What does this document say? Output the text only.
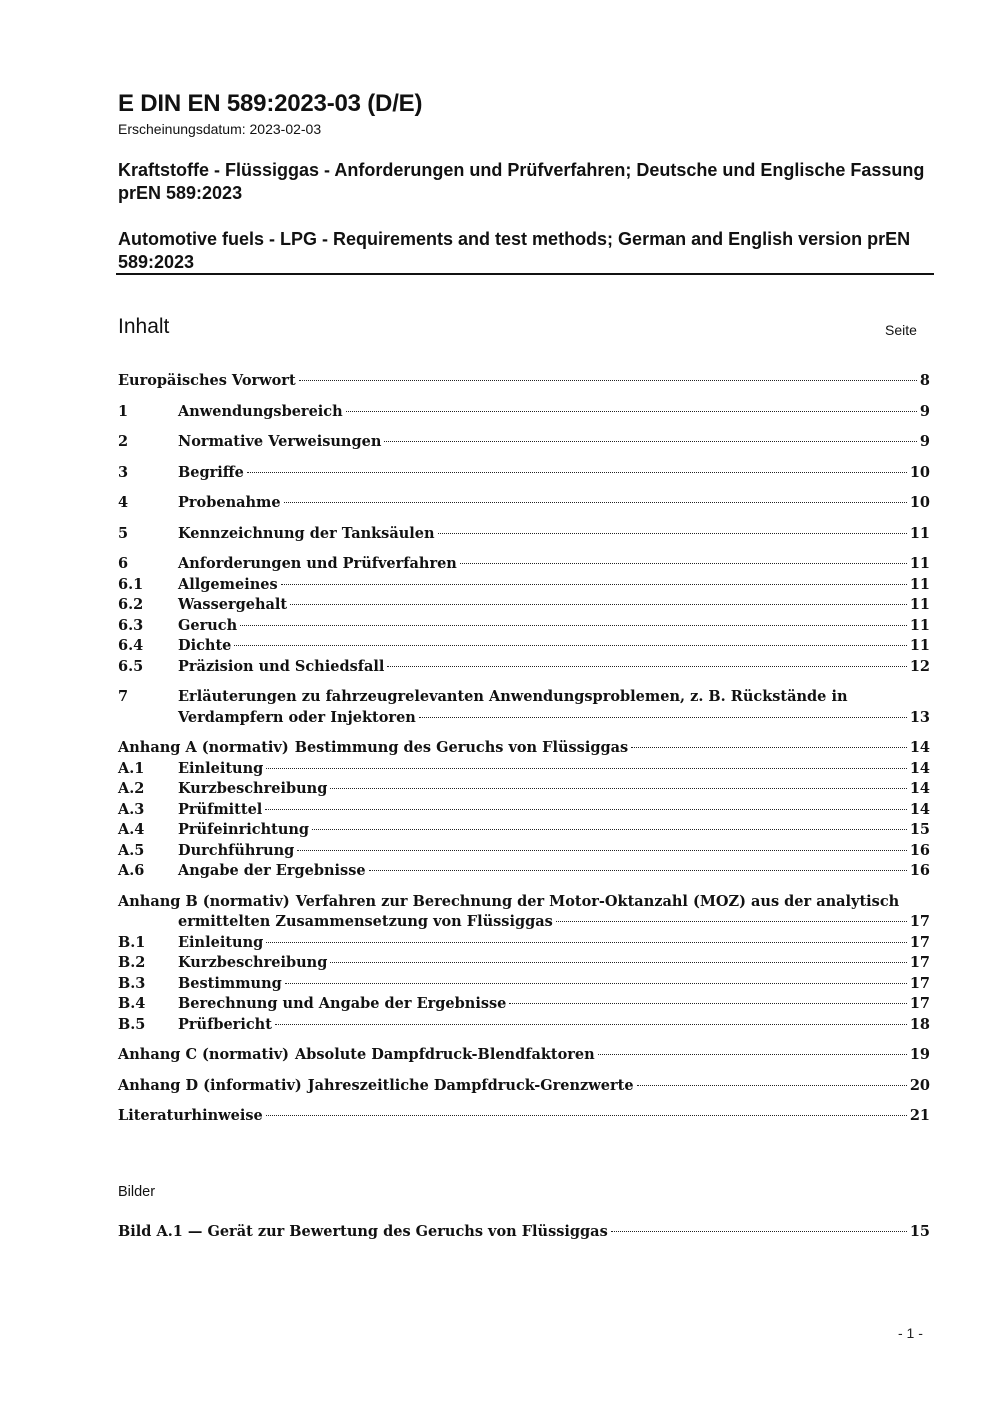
E DIN EN 589:2023-03 (D/E)
Erscheinungsdatum: 2023-02-03
Kraftstoffe - Flüssiggas - Anforderungen und Prüfverfahren; Deutsche und Englische Fassung prEN 589:2023
Automotive fuels - LPG - Requirements and test methods; German and English version prEN 589:2023
Inhalt	Seite
Europäisches Vorwort	8
1	Anwendungsbereich	9
2	Normative Verweisungen	9
3	Begriffe	10
4	Probenahme	10
5	Kennzeichnung der Tanksäulen	11
6	Anforderungen und Prüfverfahren	11
6.1	Allgemeines	11
6.2	Wassergehalt	11
6.3	Geruch	11
6.4	Dichte	11
6.5	Präzision und Schiedsfall	12
7	Erläuterungen zu fahrzeugrelevanten Anwendungsproblemen, z. B. Rückstände in
Verdampfern oder Injektoren	13
Anhang A (normativ) Bestimmung des Geruchs von Flüssiggas	14
A.1	Einleitung	14
A.2	Kurzbeschreibung	14
A.3	Prüfmittel	14
A.4	Prüfeinrichtung	15
A.5	Durchführung	16
A.6	Angabe der Ergebnisse	16
Anhang B (normativ) Verfahren zur Berechnung der Motor-Oktanzahl (MOZ) aus der analytisch
ermittelten Zusammensetzung von Flüssiggas	17
B.1	Einleitung	17
B.2	Kurzbeschreibung	17
B.3	Bestimmung	17
B.4	Berechnung und Angabe der Ergebnisse	17
B.5	Prüfbericht	18
Anhang C (normativ) Absolute Dampfdruck-Blendfaktoren	19
Anhang D (informativ) Jahreszeitliche Dampfdruck-Grenzwerte	20
Literaturhinweise	21
Bilder
Bild A.1 — Gerät zur Bewertung des Geruchs von Flüssiggas	15
- 1 -
